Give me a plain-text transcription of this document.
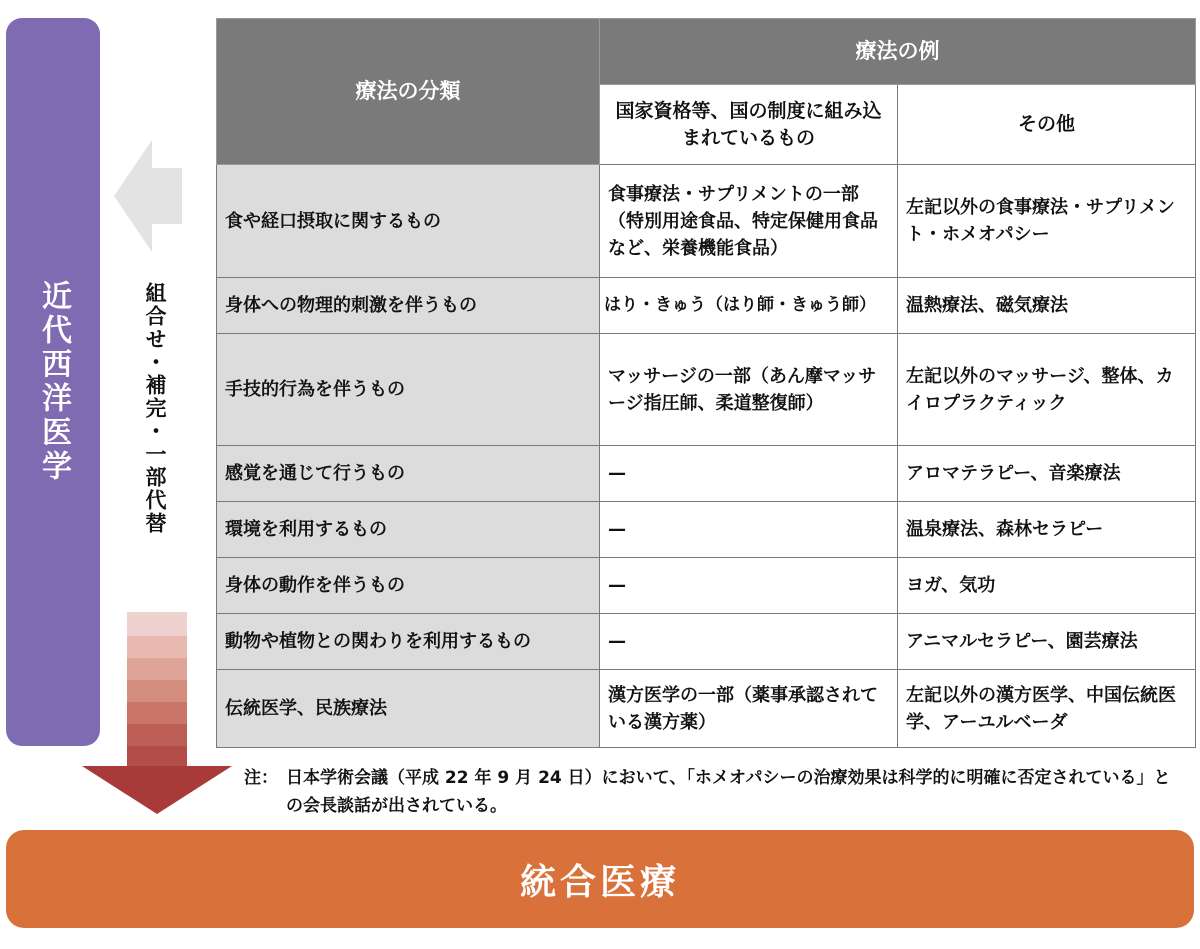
近代西洋医学	組合せ・補完・一部代替
療法の分類	療法の例	
	国家資格等、国の制度に組み込まれているもの	その他
食や経口摂取に関するもの	食事療法・サプリメントの一部（特別用途食品、特定保健用食品など、栄養機能食品）	左記以外の食事療法・サプリメント・ホメオパシー
身体への物理的刺激を伴うもの	はり・きゅう（はり師・きゅう師）	温熱療法、磁気療法
手技的行為を伴うもの	マッサージの一部（あん摩マッサージ指圧師、柔道整復師）	左記以外のマッサージ、整体、カイロプラクティック
感覚を通じて行うもの	—	アロマテラピー、音楽療法
環境を利用するもの	—	温泉療法、森林セラピー
身体の動作を伴うもの	—	ヨガ、気功
動物や植物との関わりを利用するもの	—	アニマルセラピー、園芸療法
伝統医学、民族療法	漢方医学の一部（薬事承認されている漢方薬）	左記以外の漢方医学、中国伝統医学、アーユルベーダ
注： 日本学術会議（平成 22 年 9 月 24 日）において、「ホメオパシーの治療効果は科学的に明確に否定されている」との会長談話が出されている。
統合医療
